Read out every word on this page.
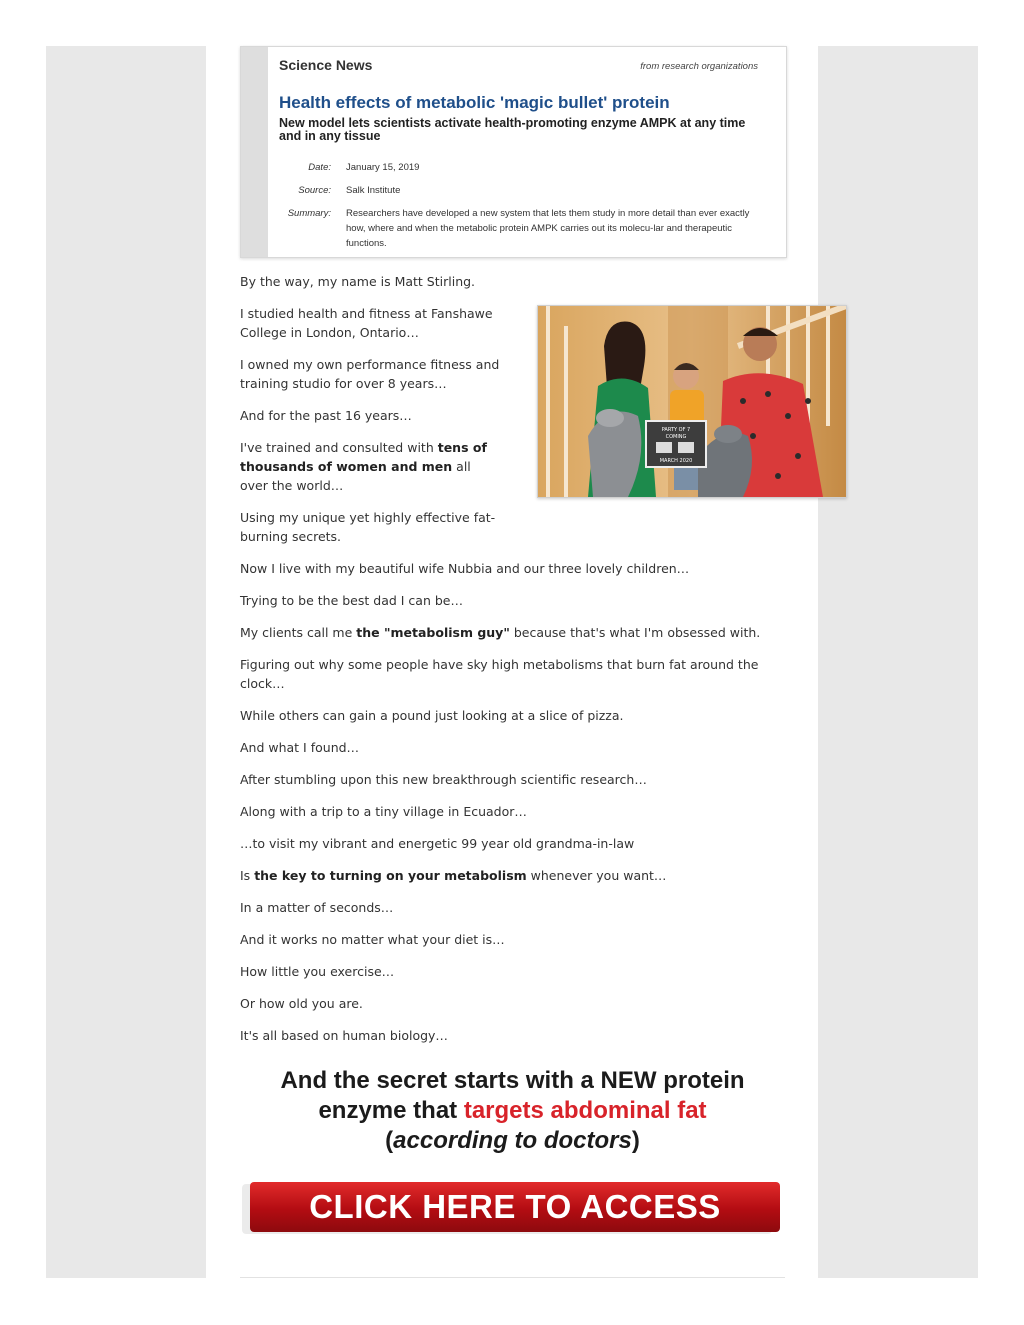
Science News	from research organizations
Health effects of metabolic 'magic bullet' protein
New model lets scientists activate health-promoting enzyme AMPK at any time and in any tissue
Date: January 15, 2019
Source: Salk Institute
Summary: Researchers have developed a new system that lets them study in more detail than ever exactly how, where and when the metabolic protein AMPK carries out its molecu-lar and therapeutic functions.

By the way, my name is Matt Stirling.

I studied health and fitness at Fanshawe College in London, Ontario…

I owned my own performance fitness and training studio for over 8 years…

And for the past 16 years…

I've trained and consulted with tens of thousands of women and men all over the world…

Using my unique yet highly effective fat-burning secrets.

Now I live with my beautiful wife Nubbia and our three lovely children…

Trying to be the best dad I can be…

My clients call me the "metabolism guy" because that's what I'm obsessed with.

Figuring out why some people have sky high metabolisms that burn fat around the clock…

While others can gain a pound just looking at a slice of pizza.

And what I found…

After stumbling upon this new breakthrough scientific research…

Along with a trip to a tiny village in Ecuador…

…to visit my vibrant and energetic 99 year old grandma-in-law

Is the key to turning on your metabolism whenever you want…

In a matter of seconds…

And it works no matter what your diet is…

How little you exercise…

Or how old you are.

It's all based on human biology…

PARTY OF 7
COMING
MARCH 2020
And the secret starts with a NEW protein enzyme that targets abdominal fat
(according to doctors)
CLICK HERE TO ACCESS
